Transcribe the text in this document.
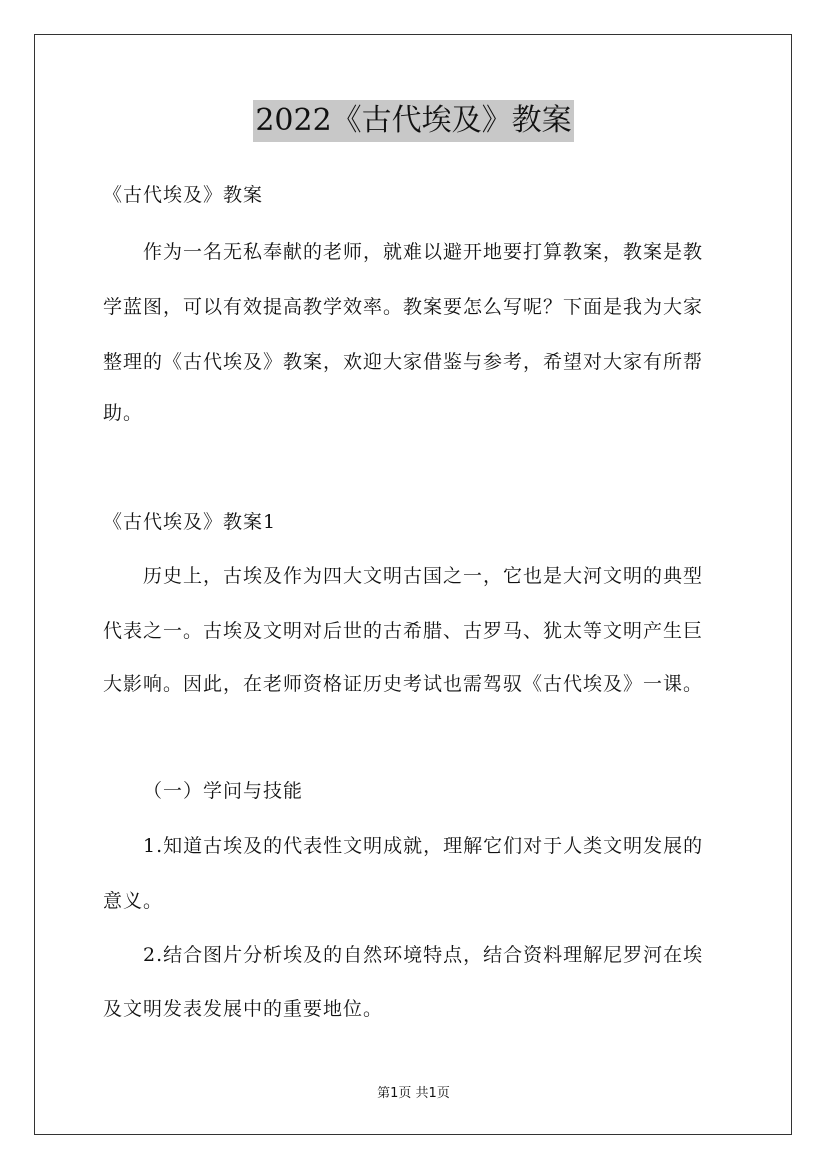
2022《古代埃及》教案
《古代埃及》教案
作为一名无私奉献的老师，就难以避开地要打算教案，教案是教
学蓝图，可以有效提高教学效率。教案要怎么写呢？下面是我为大家
整理的《古代埃及》教案，欢迎大家借鉴与参考，希望对大家有所帮
助。
《古代埃及》教案1
历史上，古埃及作为四大文明古国之一，它也是大河文明的典型
代表之一。古埃及文明对后世的古希腊、古罗马、犹太等文明产生巨
大影响。因此，在老师资格证历史考试也需驾驭《古代埃及》一课。
（一）学问与技能
1.知道古埃及的代表性文明成就，理解它们对于人类文明发展的
意义。
2.结合图片分析埃及的自然环境特点，结合资料理解尼罗河在埃
及文明发表发展中的重要地位。
第1页 共1页
